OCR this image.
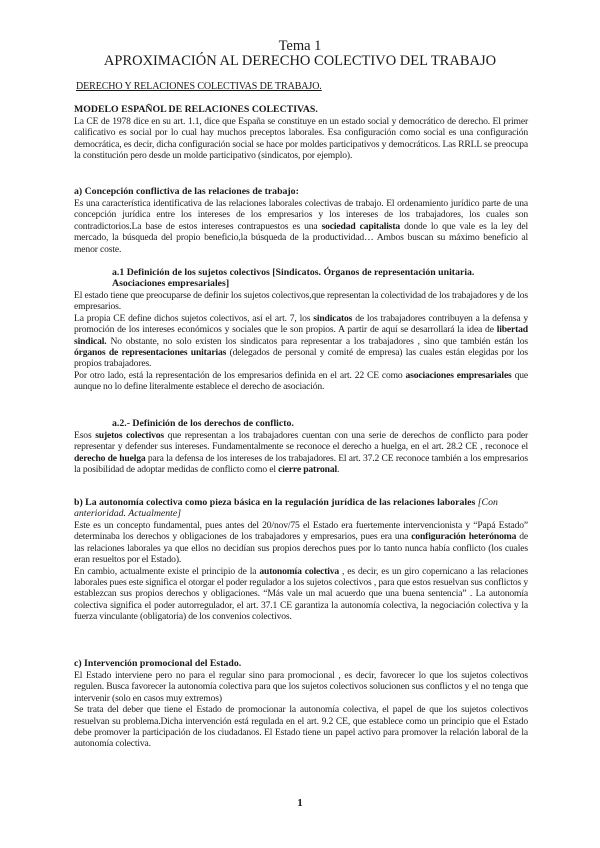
Tema 1
APROXIMACIÓN AL DERECHO COLECTIVO DEL TRABAJO
DERECHO Y RELACIONES COLECTIVAS DE TRABAJO.
MODELO ESPAÑOL DE RELACIONES COLECTIVAS.

La CE de 1978 dice en su art. 1.1, dice que España se constituye en un estado social y democrático de derecho. El primer calificativo es social por lo cual hay muchos preceptos laborales. Esa configuración como social es una configuración democrática, es decir, dicha configuración social se hace por moldes participativos y democráticos. Las RRLL se preocupa la constitución pero desde un molde participativo (sindicatos, por ejemplo).

a) Concepción conflictiva de las relaciones de trabajo:

Es una característica identificativa de las relaciones laborales colectivas de trabajo. El ordenamiento jurídico parte de una concepción jurídica entre los intereses de los empresarios y los intereses de los trabajadores, los cuales son contradictorios.La base de estos intereses contrapuestos es una sociedad capitalista donde lo que vale es la ley del mercado, la búsqueda del propio beneficio,la búsqueda de la productividad… Ambos buscan su máximo beneficio al menor coste.

a.1 Definición de los sujetos colectivos [Sindicatos. Órganos de representación unitaria. Asociaciones empresariales]

El estado tiene que preocuparse de definir los sujetos colectivos,que representan la colectividad de los trabajadores y de los empresarios.

La propia CE define dichos sujetos colectivos, así el art. 7, los sindicatos de los trabajadores contribuyen a la defensa y promoción de los intereses económicos y sociales que le son propios. A partir de aquí se desarrollará la idea de libertad sindical. No obstante, no solo existen los sindicatos para representar a los trabajadores , sino que también están los órganos de representaciones unitarias (delegados de personal y comité de empresa) las cuales están elegidas por los propios trabajadores.

Por otro lado, está la representación de los empresarios definida en el art. 22 CE como asociaciones empresariales que aunque no lo define literalmente establece el derecho de asociación.

a.2.- Definición de los derechos de conflicto.

Esos sujetos colectivos que representan a los trabajadores cuentan con una serie de derechos de conflicto para poder representar y defender sus intereses. Fundamentalmente se reconoce el derecho a huelga, en el art. 28.2 CE , reconoce el derecho de huelga para la defensa de los intereses de los trabajadores. El art. 37.2 CE reconoce también a los empresarios la posibilidad de adoptar medidas de conflicto como el cierre patronal.

b) La autonomía colectiva como pieza básica en la regulación jurídica de las relaciones laborales [Con anterioridad. Actualmente]

Este es un concepto fundamental, pues antes del 20/nov/75 el Estado era fuertemente intervencionista y “Papá Estado” determinaba los derechos y obligaciones de los trabajadores y empresarios, pues era una configuración heterónoma de las relaciones laborales ya que ellos no decidían sus propios derechos pues por lo tanto nunca había conflicto (los cuales eran resueltos por el Estado).

En cambio, actualmente existe el principio de la autonomía colectiva , es decir, es un giro copernicano a las relaciones laborales pues este significa el otorgar el poder regulador a los sujetos colectivos , para que estos resuelvan sus conflictos y establezcan sus propios derechos y obligaciones. “Más vale un mal acuerdo que una buena sentencia” . La autonomía colectiva significa el poder autorregulador, el art. 37.1 CE garantiza la autonomía colectiva, la negociación colectiva y la fuerza vinculante (obligatoria) de los convenios colectivos.

c) Intervención promocional del Estado.

El Estado interviene pero no para el regular sino para promocional , es decir, favorecer lo que los sujetos colectivos regulen. Busca favorecer la autonomía colectiva para que los sujetos colectivos solucionen sus conflictos y el no tenga que intervenir (solo en casos muy extremos)

Se trata del deber que tiene el Estado de promocionar la autonomía colectiva, el papel de que los sujetos colectivos resuelvan su problema.Dicha intervención está regulada en el art. 9.2 CE, que establece como un principio que el Estado debe promover la participación de los ciudadanos. El Estado tiene un papel activo para promover la relación laboral de la autonomía colectiva.

1
